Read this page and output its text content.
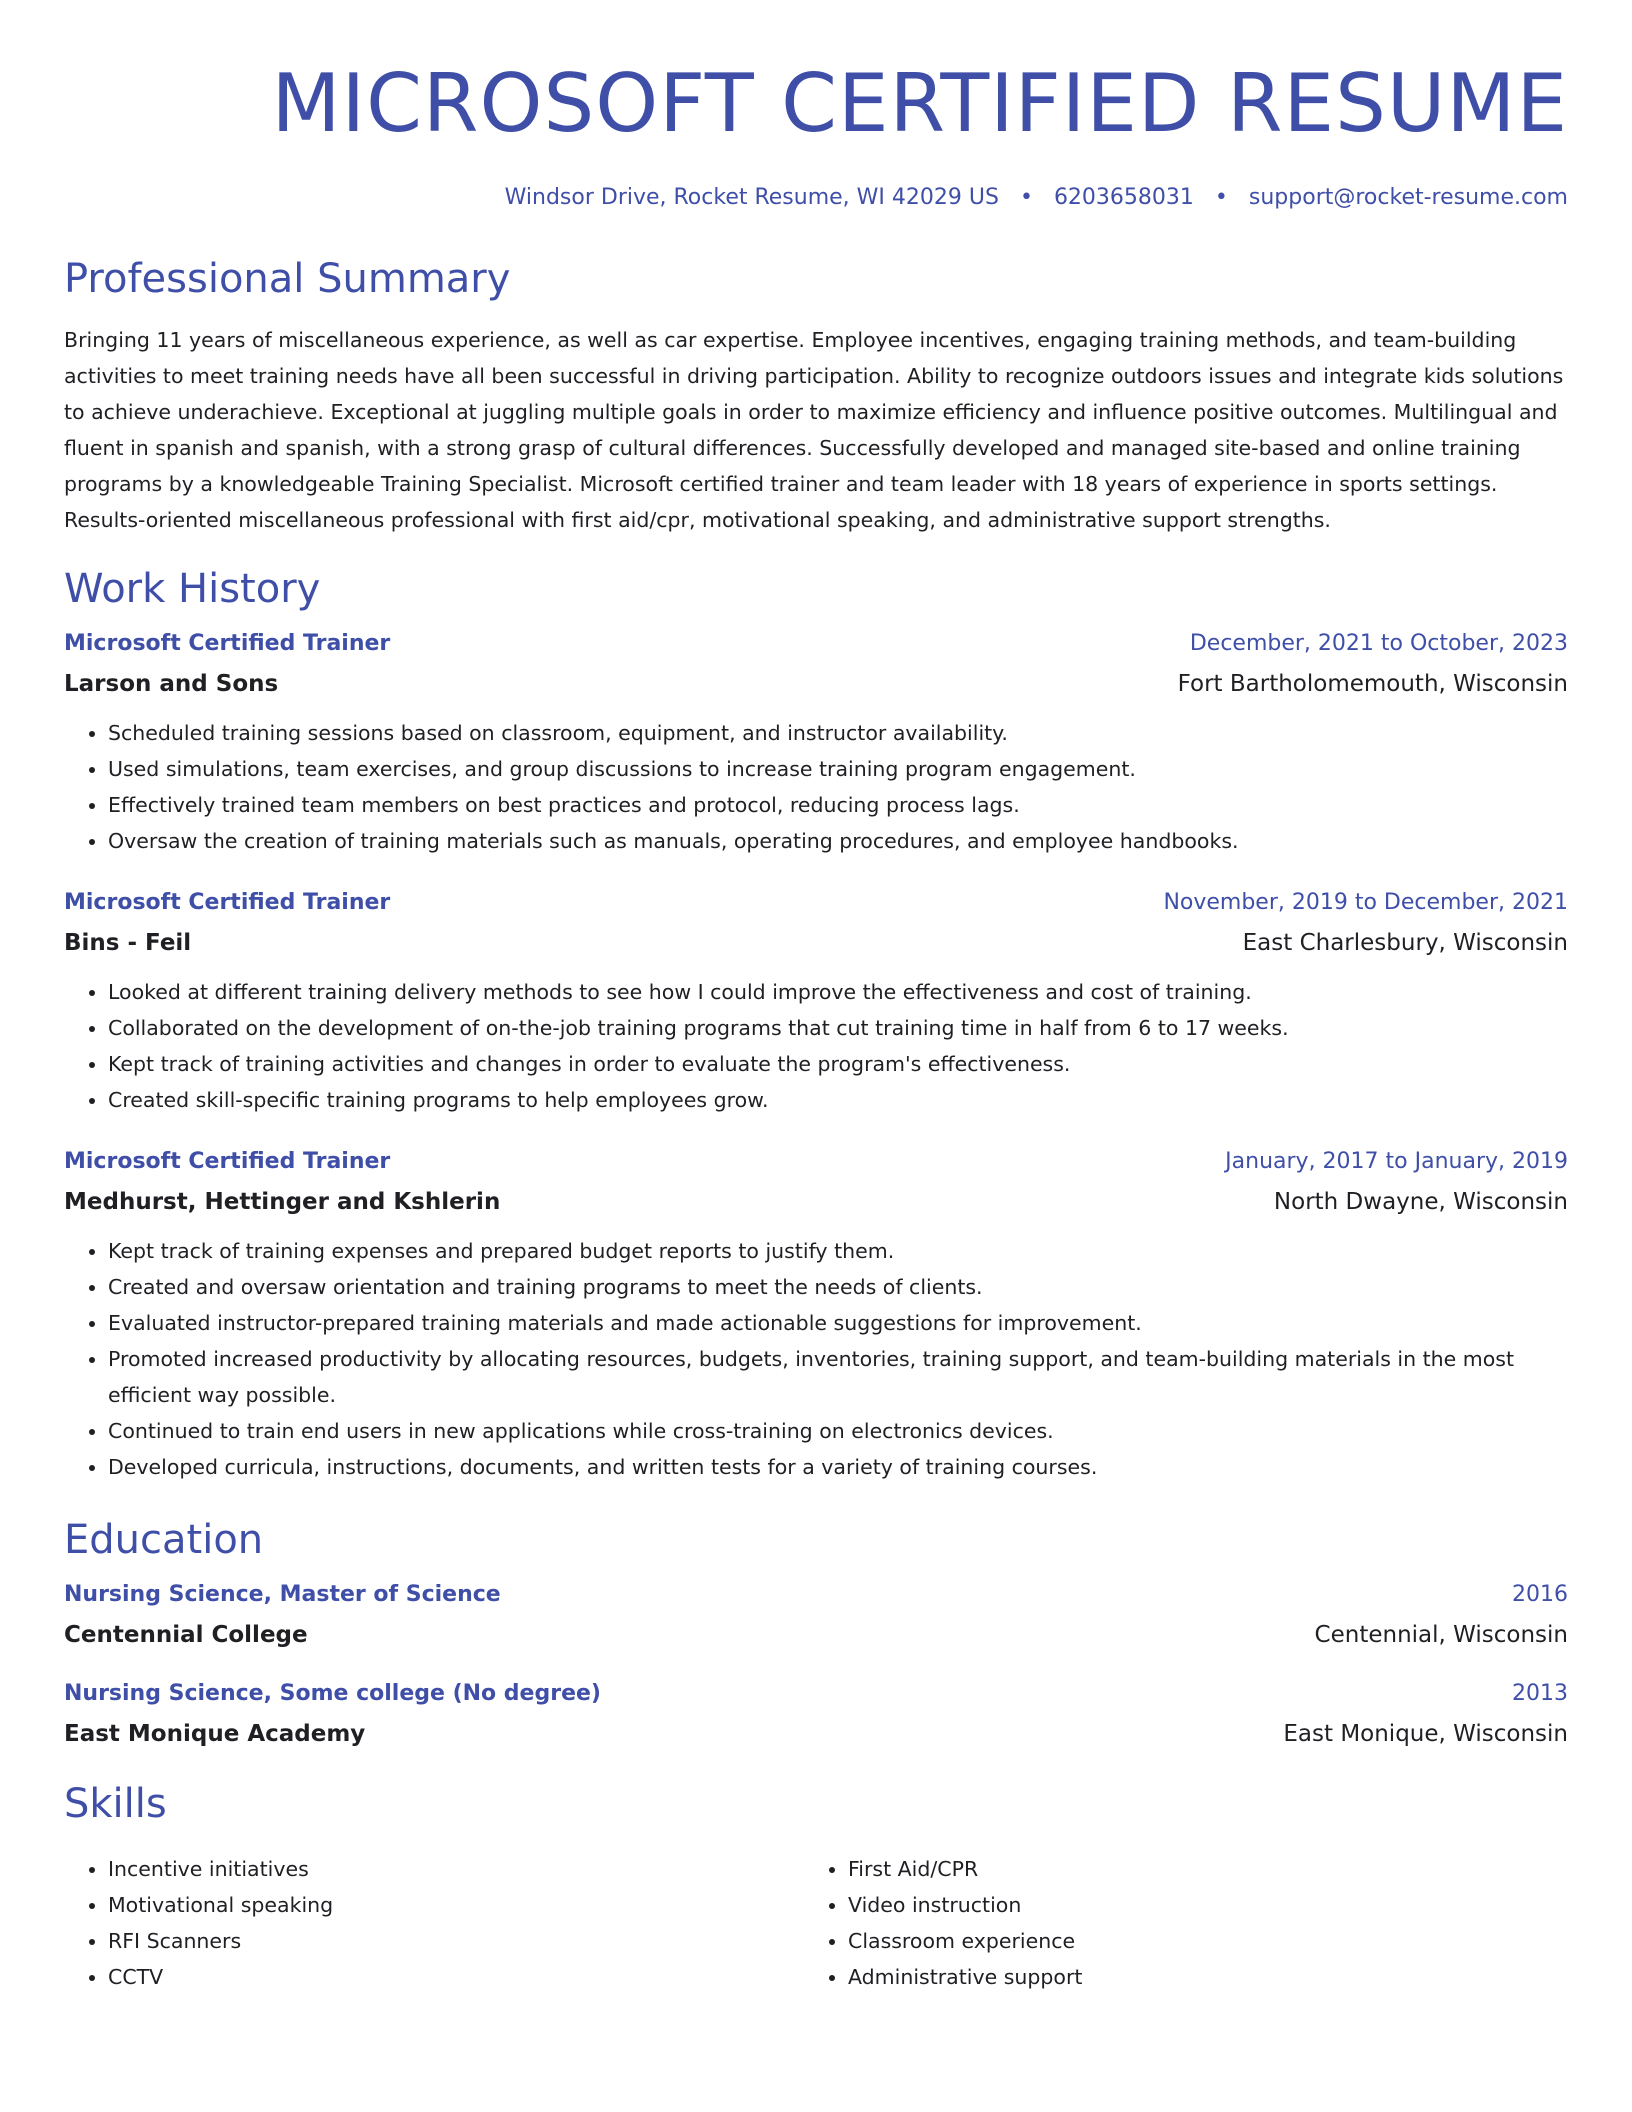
MICROSOFT CERTIFIED RESUME
Windsor Drive, Rocket Resume, WI 42029 US • 6203658031 • support@rocket-resume.com
Professional Summary
Bringing 11 years of miscellaneous experience, as well as car expertise. Employee incentives, engaging training methods, and team-building activities to meet training needs have all been successful in driving participation. Ability to recognize outdoors issues and integrate kids solutions to achieve underachieve. Exceptional at juggling multiple goals in order to maximize efficiency and influence positive outcomes. Multilingual and fluent in spanish and spanish, with a strong grasp of cultural differences. Successfully developed and managed site-based and online training programs by a knowledgeable Training Specialist. Microsoft certified trainer and team leader with 18 years of experience in sports settings. Results-oriented miscellaneous professional with first aid/cpr, motivational speaking, and administrative support strengths.
Work History
Microsoft Certified Trainer	December, 2021 to October, 2023
Larson and Sons	Fort Bartholomemouth, Wisconsin
• Scheduled training sessions based on classroom, equipment, and instructor availability.
• Used simulations, team exercises, and group discussions to increase training program engagement.
• Effectively trained team members on best practices and protocol, reducing process lags.
• Oversaw the creation of training materials such as manuals, operating procedures, and employee handbooks.
Microsoft Certified Trainer	November, 2019 to December, 2021
Bins - Feil	East Charlesbury, Wisconsin
• Looked at different training delivery methods to see how I could improve the effectiveness and cost of training.
• Collaborated on the development of on-the-job training programs that cut training time in half from 6 to 17 weeks.
• Kept track of training activities and changes in order to evaluate the program's effectiveness.
• Created skill-specific training programs to help employees grow.
Microsoft Certified Trainer	January, 2017 to January, 2019
Medhurst, Hettinger and Kshlerin	North Dwayne, Wisconsin
• Kept track of training expenses and prepared budget reports to justify them.
• Created and oversaw orientation and training programs to meet the needs of clients.
• Evaluated instructor-prepared training materials and made actionable suggestions for improvement.
• Promoted increased productivity by allocating resources, budgets, inventories, training support, and team-building materials in the most efficient way possible.
• Continued to train end users in new applications while cross-training on electronics devices.
• Developed curricula, instructions, documents, and written tests for a variety of training courses.
Education
Nursing Science, Master of Science	2016
Centennial College	Centennial, Wisconsin
Nursing Science, Some college (No degree)	2013
East Monique Academy	East Monique, Wisconsin
Skills
• Incentive initiatives
• Motivational speaking
• RFI Scanners
• CCTV
• First Aid/CPR
• Video instruction
• Classroom experience
• Administrative support
